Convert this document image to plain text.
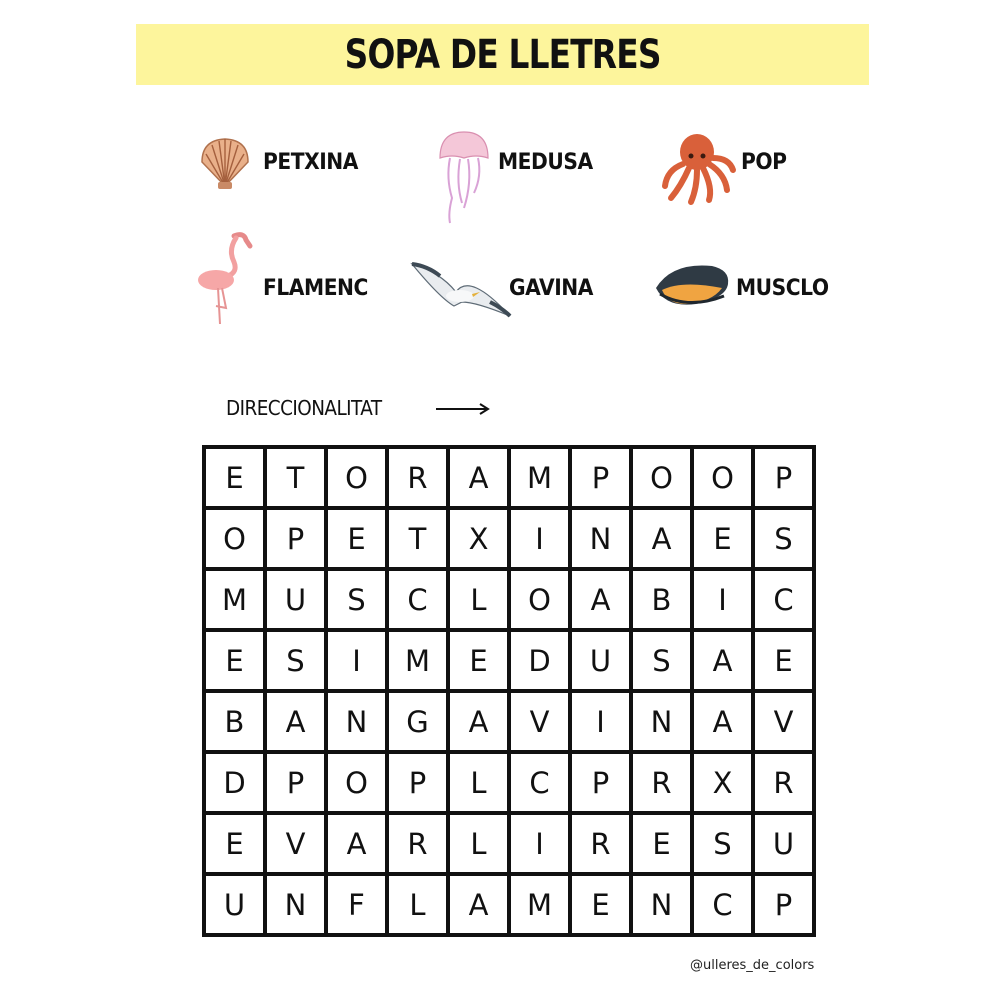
SOPA DE LLETRES
PETXINA	MEDUSA	POP
FLAMENC	GAVINA	MUSCLO
DIRECCIONALITAT
E	T	O	R	A	M	P	O	O	P
O	P	E	T	X	I	N	A	E	S
M	U	S	C	L	O	A	B	I	C
E	S	I	M	E	D	U	S	A	E
B	A	N	G	A	V	I	N	A	V
D	P	O	P	L	C	P	R	X	R
E	V	A	R	L	I	R	E	S	U
U	N	F	L	A	M	E	N	C	P
@ulleres_de_colors
